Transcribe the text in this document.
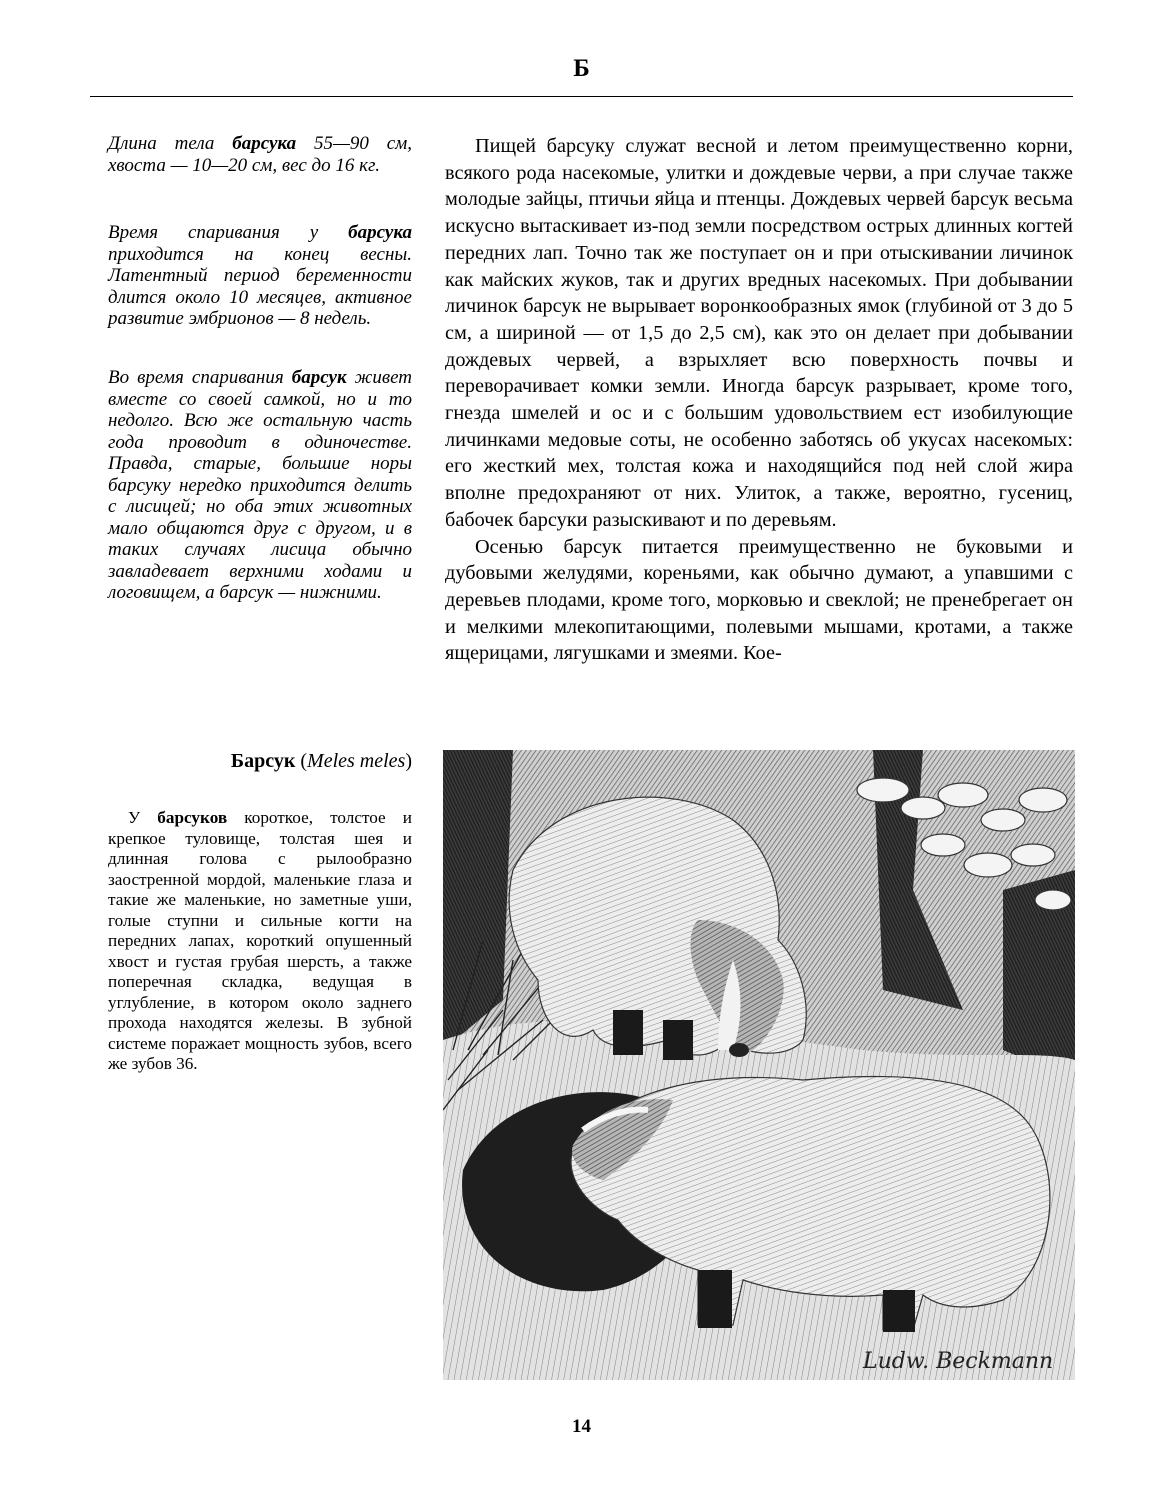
Б
Длина тела барсука 55—90 см, хвоста — 10—20 см, вес до 16 кг.
Время спаривания у барсука приходится на конец весны. Латентный период беременности длится около 10 месяцев, активное развитие эмбрионов — 8 недель.
Во время спаривания барсук живет вместе со своей самкой, но и то недолго. Всю же остальную часть года проводит в одиночестве. Правда, старые, большие норы барсуку нередко приходится делить с лисицей; но оба этих животных мало общаются друг с другом, и в таких случаях лисица обычно завладевает верхними ходами и логовищем, а барсук — нижними.

Пищей барсуку служат весной и летом преимущественно корни, всякого рода насекомые, улитки и дождевые черви, а при случае также молодые зайцы, птичьи яйца и птенцы. Дождевых червей барсук весьма искусно вытаскивает из-под земли посредством острых длинных когтей передних лап. Точно так же поступает он и при отыскивании личинок как майских жуков, так и других вредных насекомых. При добывании личинок барсук не вырывает воронкообразных ямок (глубиной от 3 до 5 см, а шириной — от 1,5 до 2,5 см), как это он делает при добывании дождевых червей, а взрыхляет всю поверхность почвы и переворачивает комки земли. Иногда барсук разрывает, кроме того, гнезда шмелей и ос и с большим удовольствием ест изобилующие личинками медовые соты, не особенно заботясь об укусах насекомых: его жесткий мех, толстая кожа и находящийся под ней слой жира вполне предохраняют от них. Улиток, а также, вероятно, гусениц, бабочек барсуки разыскивают и по деревьям.

Осенью барсук питается преимущественно не буковыми и дубовыми желудями, кореньями, как обычно думают, а упавшими с деревьев плодами, кроме того, морковью и свеклой; не пренебрегает он и мелкими млекопитающими, полевыми мышами, кротами, а также ящерицами, лягушками и змеями. Кое-

Барсук (Meles meles)

У барсуков короткое, толстое и крепкое туловище, толстая шея и длинная голова с рылообразно заостренной мордой, маленькие глаза и такие же маленькие, но заметные уши, голые ступни и сильные когти на передних лапах, короткий опушенный хвост и густая грубая шерсть, а также поперечная складка, ведущая в углубление, в котором около заднего прохода находятся железы. В зубной системе поражает мощность зубов, всего же зубов 36.

Ludw. Beckmann
14
